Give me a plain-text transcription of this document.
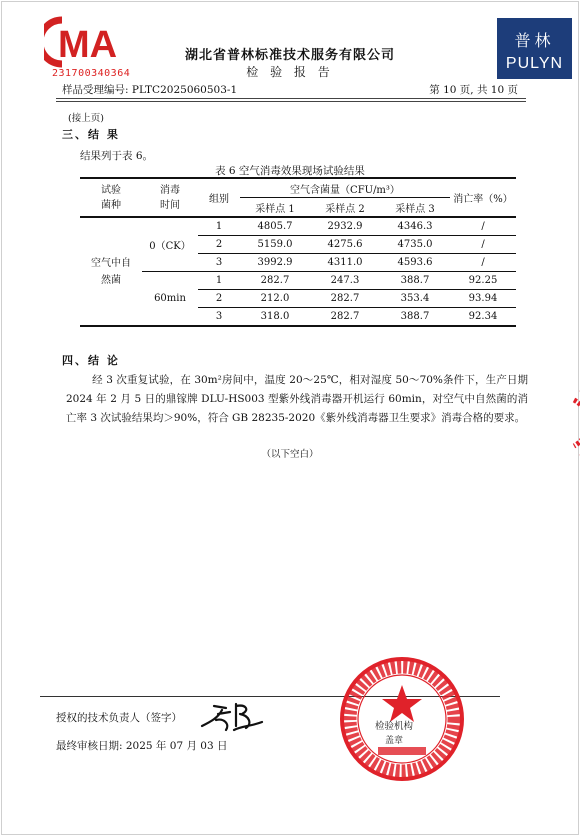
MA
231700340364
湖北省普林标准技术服务有限公司
检 验 报 告
普林
PULYN
样品受理编号: PLTC2025060503-1	第 10 页, 共 10 页
(接上页)
三、结 果
结果列于表 6。
表 6 空气消毒效果现场试验结果
试验菌种	消毒时间	组别	空气含菌量（CFU/m³）			消亡率（%）
			采样点 1	采样点 2	采样点 3	
空气中自然菌	0（CK）	1	4805.7	2932.9	4346.3	/
		2	5159.0	4275.6	4735.0	/
		3	3992.9	4311.0	4593.6	/
	60min	1	282.7	247.3	388.7	92.25
		2	212.0	282.7	353.4	93.94
		3	318.0	282.7	388.7	92.34
四、结 论
经 3 次重复试验，在 30m²房间中，温度 20～25℃，相对湿度 50～70%条件下，生产日期 2024 年 2 月 5 日的鼎镓牌 DLU-HS003 型紫外线消毒器开机运行 60min，对空气中自然菌的消亡率 3 次试验结果均＞90%，符合 GB 28235-2020《紫外线消毒器卫生要求》消毒合格的要求。
（以下空白）
授权的技术负责人（签字）
最终审核日期: 2025 年 07 月 03 日
检验机构
盖章
